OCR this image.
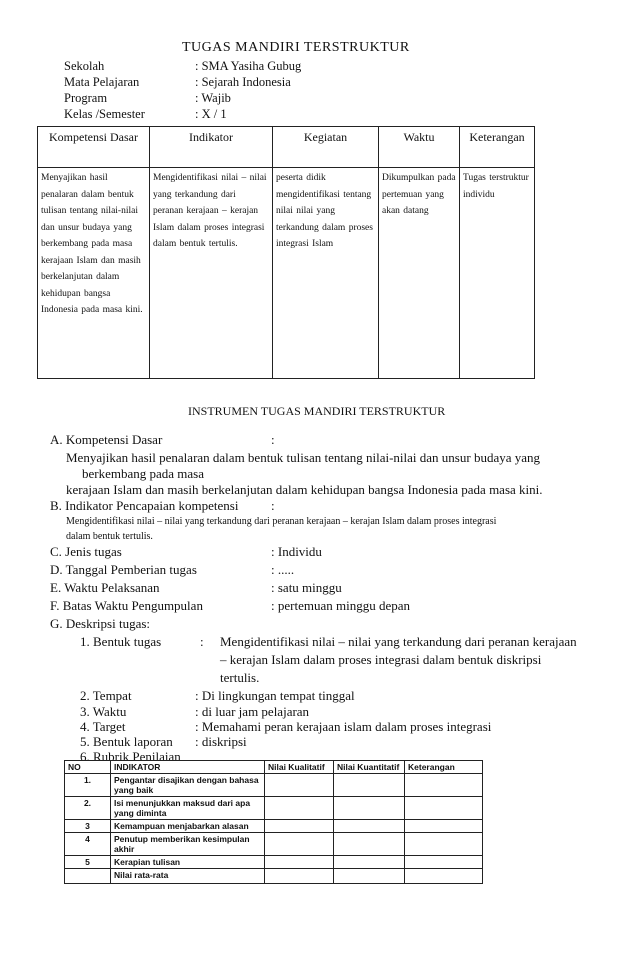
TUGAS MANDIRI TERSTRUKTUR
Sekolah	: SMA Yasiha Gubug
Mata Pelajaran	: Sejarah Indonesia
Program	: Wajib
Kelas /Semester	: X / 1
Kompetensi Dasar	Indikator	Kegiatan	Waktu	Keterangan

Menyajikan hasil penalaran dalam bentuk tulisan tentang nilai-nilai dan unsur budaya yang berkembang pada masa kerajaan Islam dan masih berkelanjutan dalam kehidupan bangsa Indonesia pada masa kini.	Mengidentifikasi nilai – nilai yang terkandung dari peranan kerajaan – kerajan Islam dalam proses integrasi dalam bentuk tertulis.	peserta didik mengidentifikasi tentang nilai nilai yang terkandung dalam proses integrasi Islam	Dikumpulkan pada pertemuan yang akan datang	Tugas terstruktur individu
INSTRUMEN TUGAS MANDIRI TERSTRUKTUR
A. Kompetensi Dasar	:
Menyajikan hasil penalaran dalam bentuk tulisan tentang nilai-nilai dan unsur budaya yang
berkembang pada masa
kerajaan Islam dan masih berkelanjutan dalam kehidupan bangsa Indonesia pada masa kini.
B. Indikator Pencapaian kompetensi	:
Mengidentifikasi nilai – nilai yang terkandung dari peranan kerajaan – kerajan Islam dalam proses integrasi
dalam bentuk tertulis.
C. Jenis tugas	: Individu
D. Tanggal Pemberian tugas	: .....
E. Waktu Pelaksanan	: satu minggu
F. Batas Waktu Pengumpulan	: pertemuan minggu depan
G. Deskripsi tugas:
1. Bentuk tugas	: Mengidentifikasi nilai – nilai yang terkandung dari peranan kerajaan
– kerajan Islam dalam proses integrasi dalam bentuk diskripsi
tertulis.
2. Tempat	: Di lingkungan tempat tinggal
3. Waktu	: di luar jam pelajaran
4. Target	: Memahami peran kerajaan islam dalam proses integrasi
5. Bentuk laporan : diskripsi
6. Rubrik Penilaian
NO	INDIKATOR	Nilai Kualitatif	Nilai Kuantitatif	Keterangan
1.	Pengantar disajikan dengan bahasa yang baik			
2.	Isi menunjukkan maksud dari apa yang diminta			
3	Kemampuan menjabarkan alasan			
4	Penutup memberikan kesimpulan akhir			
5	Kerapian tulisan			
	Nilai rata-rata			
